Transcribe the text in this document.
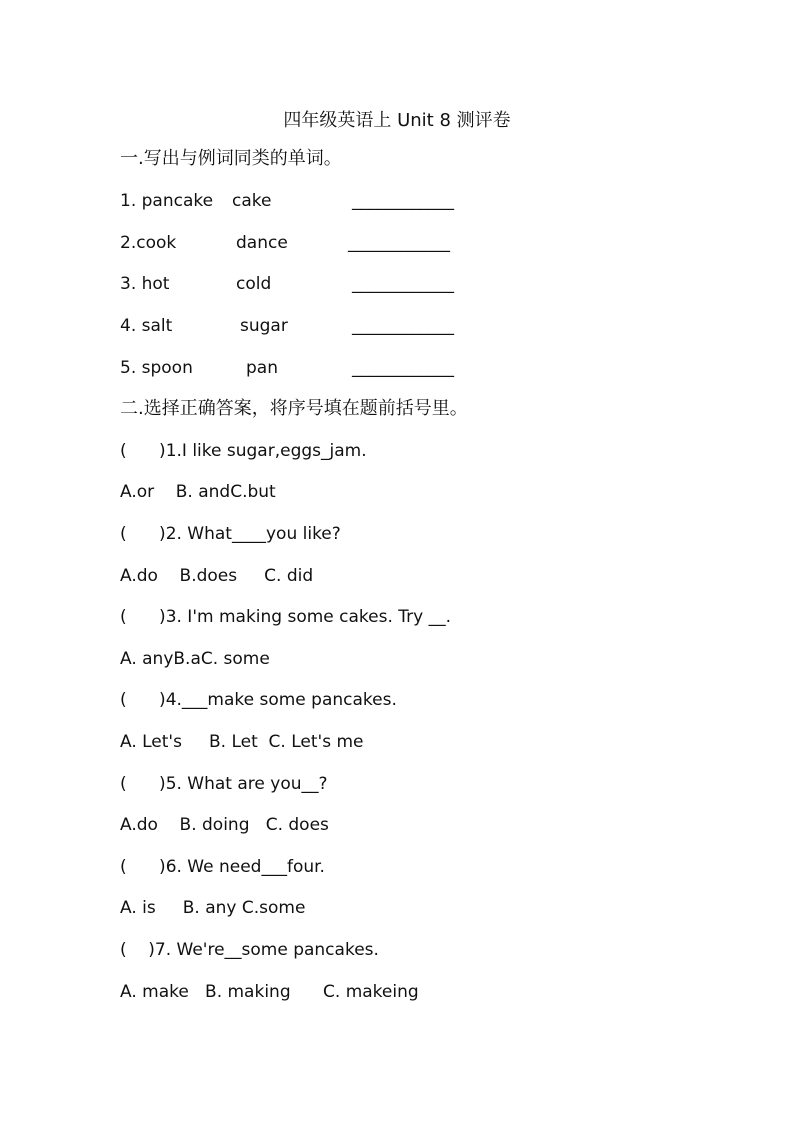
四年级英语上 Unit 8 测评卷
一.写出与例词同类的单词。
1. pancake cake	____________
2.cook	dance	____________
3. hot	cold	____________
4. salt	sugar	____________
5. spoon	pan	____________
二.选择正确答案，将序号填在题前括号里。
(      )1.I like sugar,eggs_jam.
A.or    B. andC.but
(      )2. What____you like?
A.do    B.does     C. did
(      )3. I'm making some cakes. Try __.
A. anyB.aC. some
(      )4.___make some pancakes.
A. Let's     B. Let  C. Let's me
(      )5. What are you__?
A.do    B. doing   C. does
(      )6. We need___four.
A. is     B. any C.some
(    )7. We're__some pancakes.
A. make   B. making      C. makeing
